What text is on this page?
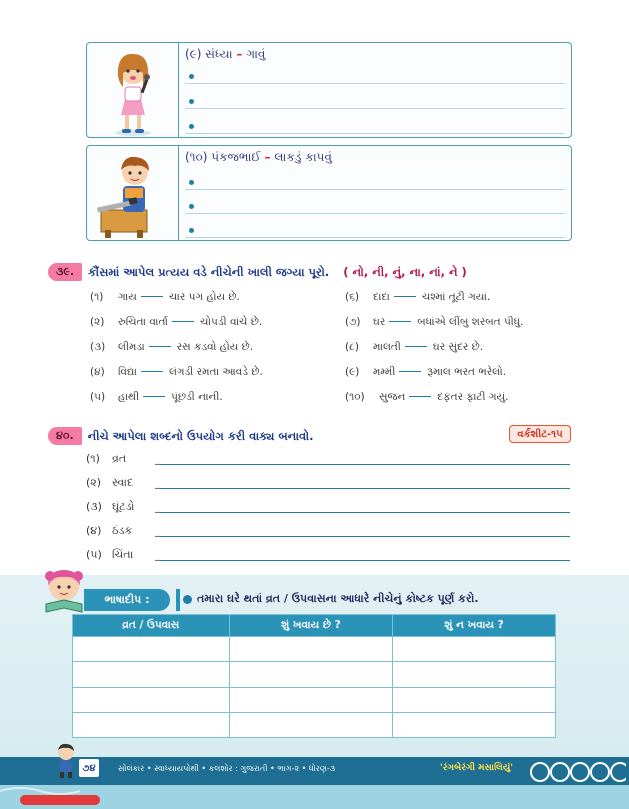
(૯) સંધ્યા – ગાવું
(૧૦) પંકજભાઈ – લાકડું કાપવું
૩૯.	કૌંસમાં આપેલ પ્રત્યય વડે નીચેની ખાલી જગ્યા પૂરો. ( નો, ની, નું, ના, નાં, ને )
(૧)	ગાય	ચાર પગ હોય છે.
(૨)	રુચિતા વાર્તા	ચોપડી વાંચે છે.
(૩)	લીમડા	રસ કડવો હોય છે.
(૪)	વિદ્યા	લંગડી રમતા આવડે છે.
(૫)	હાથી	પૂંછડી નાની.
(૬)	દાદા	ચશ્માં તૂટી ગયાં.
(૭)	ઘર	બધાંએ લીંબુ શરબત પીધું.
(૮)	માલતી	ઘર સુંદર છે.
(૯)	મમ્મી	રૂમાલ ભરત ભરેલો.
(૧૦)	સુજન	દફતર ફાટી ગયું.
૪૦.	નીચે આપેલા શબ્દનો ઉપયોગ કરી વાક્ય બનાવો.	વર્કશીટ-૧૫
(૧)	વ્રત	_
(૨) સ્વાદ	_
(૩) ઘૂંટડો	_
(૪) ઠંડક	_
(૫) ચિંતા	_
ભાષાદીપ :	તમારા ઘરે થતાં વ્રત / ઉપવાસના આધારે નીચેનું કોષ્ટક પૂર્ણ કરો.
વ્રત / ઉપવાસ	શું ખવાય છે ?	શું ન ખવાય ?

૭૪	સોલંકાર • સ્વાધ્યાયપોથી • કલશોર : ગુજરાતી • ભાગ-૨ • ધોરણ-૩	'રંગબેરંગી મસાલિયું'
